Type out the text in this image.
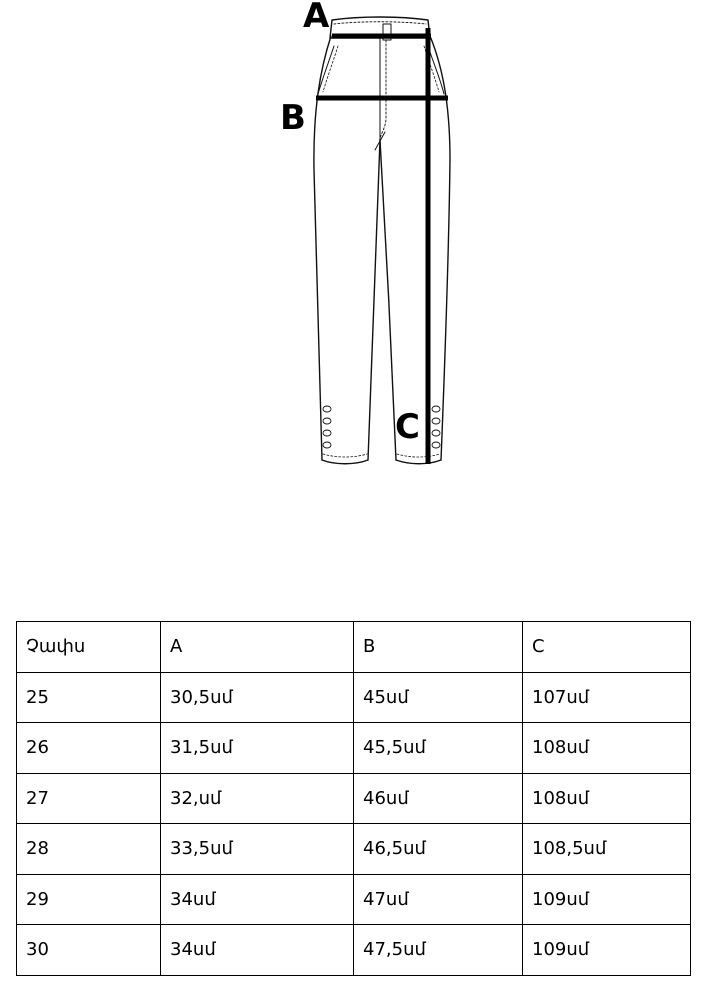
A
B
C
Չափս	A	B	C
25	30,5սմ	45սմ	107սմ
26	31,5սմ	45,5սմ	108սմ
27	32,սմ	46սմ	108սմ
28	33,5սմ	46,5սմ	108,5սմ
29	34սմ	47սմ	109սմ
30	34սմ	47,5սմ	109սմ
